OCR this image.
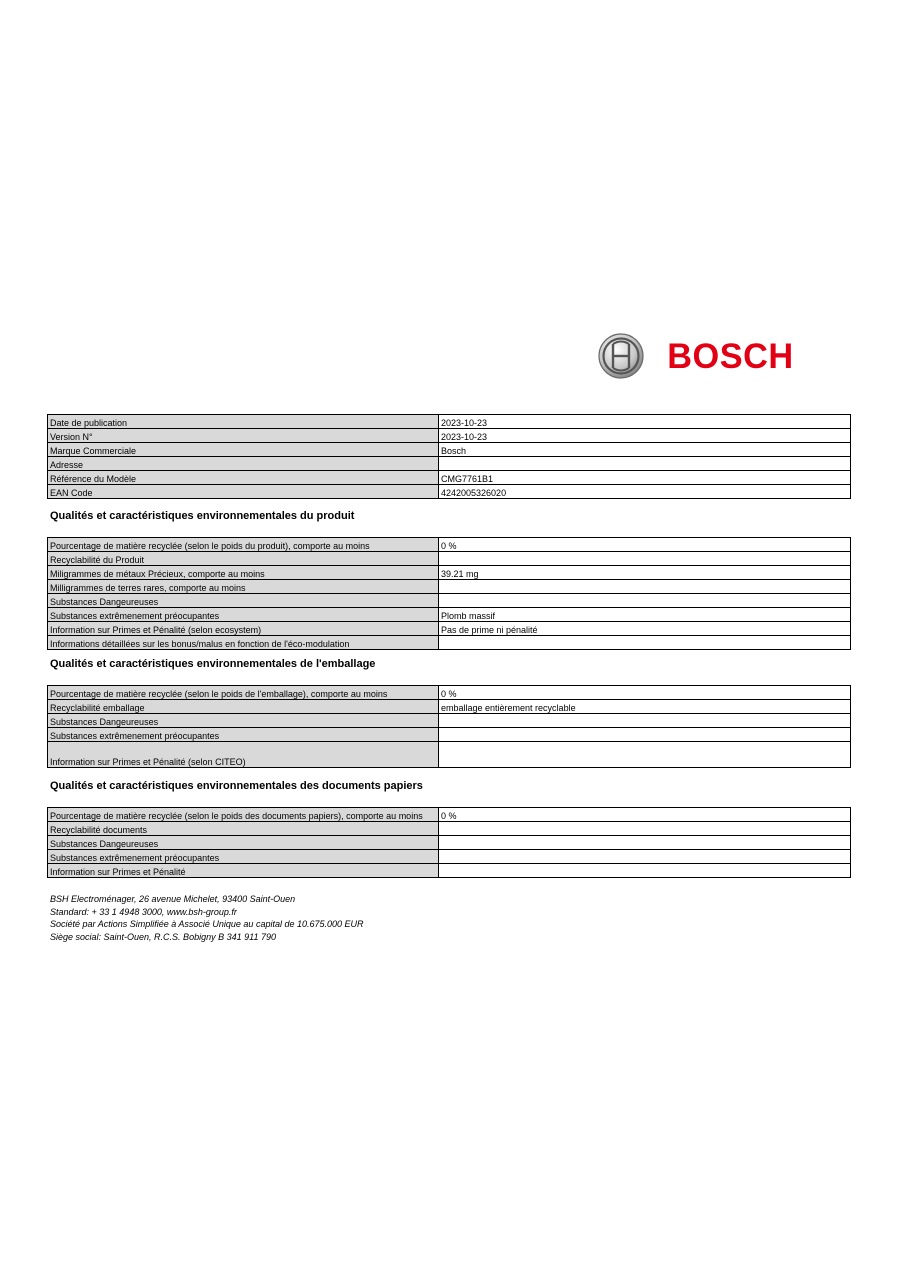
BOSCH
Date de publication	2023-10-23
Version N°	2023-10-23
Marque Commerciale	Bosch
Adresse	
Référence du Modèle	CMG7761B1
EAN Code	4242005326020
Qualités et caractéristiques environnementales du produit
Pourcentage de matière recyclée (selon le poids du produit), comporte au moins	0 %
Recyclabilité du Produit	
Miligrammes de métaux Précieux, comporte au moins	39.21 mg
Milligrammes de terres rares, comporte au moins	
Substances Dangeureuses	
Substances extrêmenement préocupantes	Plomb massif
Information sur Primes et Pénalité (selon ecosystem)	Pas de prime ni pénalité
Informations détaillées sur les bonus/malus en fonction de l'éco-modulation	
Qualités et caractéristiques environnementales de l'emballage
Pourcentage de matière recyclée (selon le poids de l'emballage), comporte au moins	0 %
Recyclabilité emballage	emballage entièrement recyclable
Substances Dangeureuses	
Substances extrêmenement préocupantes	
Information sur Primes et Pénalité (selon CITEO)	
Qualités et caractéristiques environnementales des documents papiers
Pourcentage de matière recyclée (selon le poids des documents papiers), comporte au moins	0 %
Recyclabilité documents	
Substances Dangeureuses	
Substances extrêmenement préocupantes	
Information sur Primes et Pénalité	
BSH Electroménager, 26 avenue Michelet, 93400 Saint-Ouen
Standard: + 33 1 4948 3000, www.bsh-group.fr
Société par Actions Simplifiée à Associé Unique au capital de 10.675.000 EUR
Siège social: Saint-Ouen, R.C.S. Bobigny B 341 911 790
